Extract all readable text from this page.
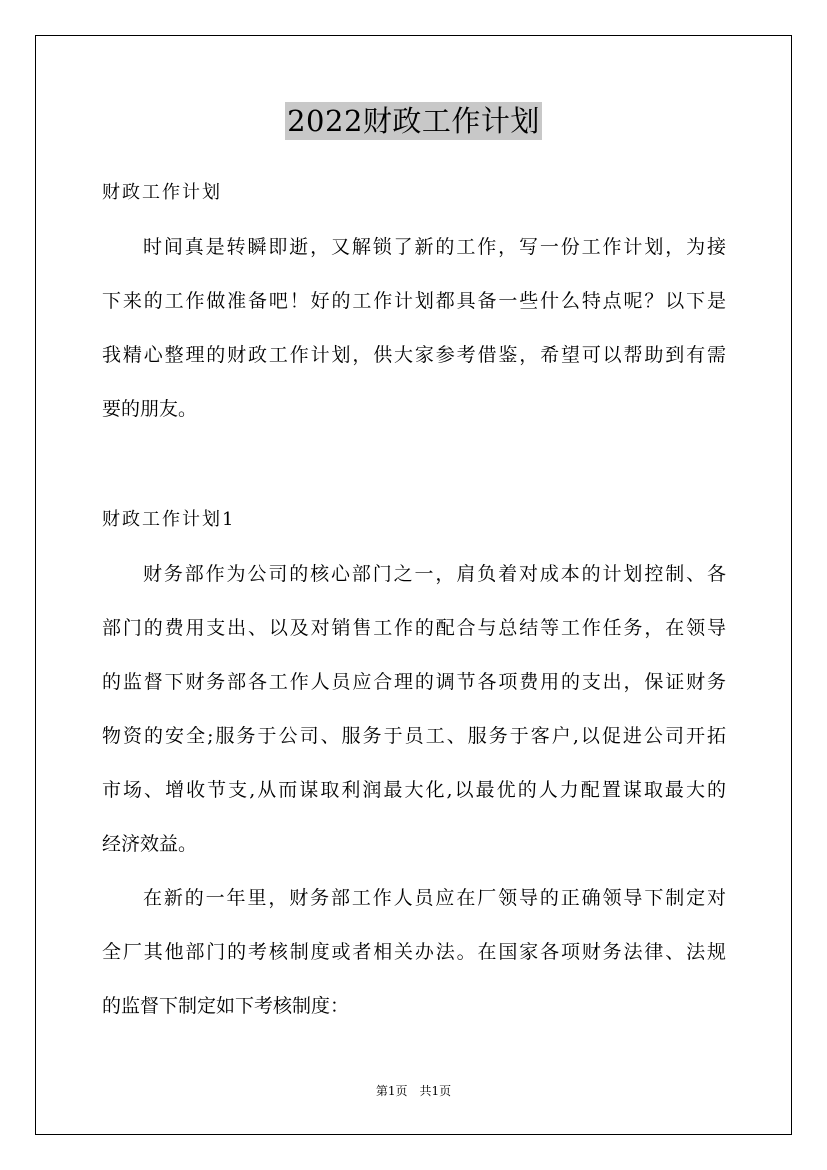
2022财政工作计划
财政工作计划
时间真是转瞬即逝，又解锁了新的工作，写一份工作计划，为接
下来的工作做准备吧！好的工作计划都具备一些什么特点呢？以下是
我精心整理的财政工作计划，供大家参考借鉴，希望可以帮助到有需
要的朋友。
财政工作计划1
财务部作为公司的核心部门之一，肩负着对成本的计划控制、各
部门的费用支出、以及对销售工作的配合与总结等工作任务，在领导
的监督下财务部各工作人员应合理的调节各项费用的支出，保证财务
物资的安全;服务于公司、服务于员工、服务于客户,以促进公司开拓
市场、增收节支,从而谋取利润最大化,以最优的人力配置谋取最大的
经济效益。
在新的一年里，财务部工作人员应在厂领导的正确领导下制定对
全厂其他部门的考核制度或者相关办法。在国家各项财务法律、法规
的监督下制定如下考核制度：
第1页　共1页
